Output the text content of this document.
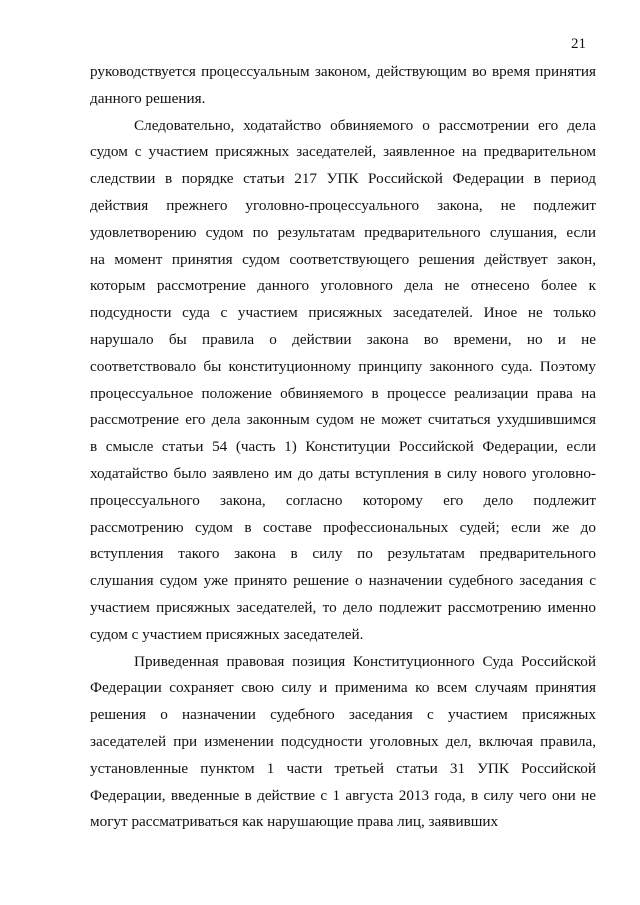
21
руководствуется процессуальным законом, действующим во время принятия
данного решения.
Следовательно, ходатайство обвиняемого о рассмотрении его дела
судом с участием присяжных заседателей, заявленное на предварительном
следствии в порядке статьи 217 УПК Российской Федерации в период
действия прежнего уголовно-процессуального закона, не подлежит
удовлетворению судом по результатам предварительного слушания, если
на момент принятия судом соответствующего решения действует закон,
которым рассмотрение данного уголовного дела не отнесено более к
подсудности суда с участием присяжных заседателей. Иное не только
нарушало бы правила о действии закона во времени, но и не
соответствовало бы конституционному принципу законного суда. Поэтому
процессуальное положение обвиняемого в процессе реализации права на
рассмотрение его дела законным судом не может считаться ухудшившимся
в смысле статьи 54 (часть 1) Конституции Российской Федерации, если
ходатайство было заявлено им до даты вступления в силу нового уголовно-
процессуального закона, согласно которому его дело подлежит
рассмотрению судом в составе профессиональных судей; если же до
вступления такого закона в силу по результатам предварительного
слушания судом уже принято решение о назначении судебного заседания с
участием присяжных заседателей, то дело подлежит рассмотрению именно
судом с участием присяжных заседателей.
Приведенная правовая позиция Конституционного Суда Российской
Федерации сохраняет свою силу и применима ко всем случаям принятия
решения о назначении судебного заседания с участием присяжных
заседателей при изменении подсудности уголовных дел, включая правила,
установленные пунктом 1 части третьей статьи 31 УПК Российской
Федерации, введенные в действие с 1 августа 2013 года, в силу чего они не
могут рассматриваться как нарушающие права лиц, заявивших
